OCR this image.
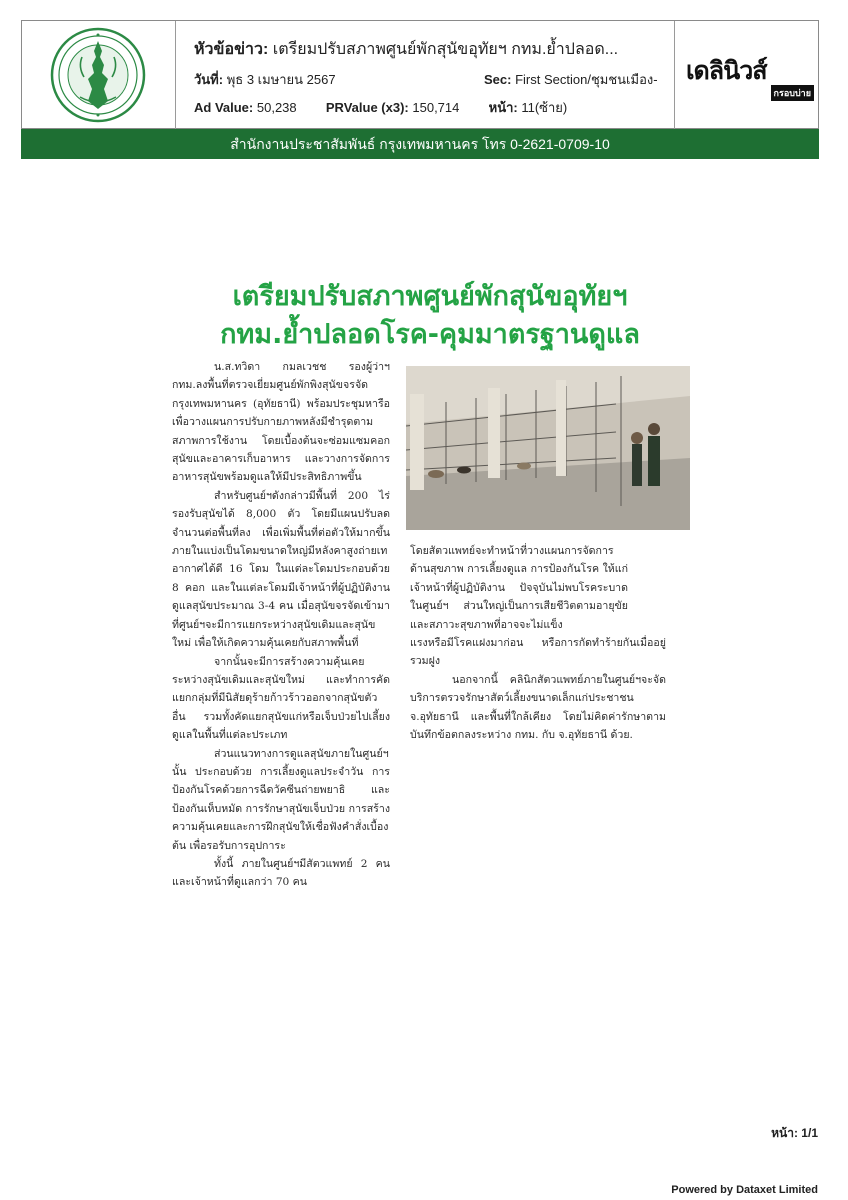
หัวข้อข่าว: เตรียมปรับสภาพศูนย์พักสุนัขอุทัยฯ กทม.ย้ำปลอด...
วันที่: พุธ 3 เมษายน 2567	Sec: First Section/ชุมชนเมือง-
Ad Value: 50,238 PRValue (x3): 150,714 หน้า: 11(ซ้าย)
เดลินิวส์
กรอบบ่าย
สำนักงานประชาสัมพันธ์ กรุงเทพมหานคร โทร 0-2621-0709-10
เตรียมปรับสภาพศูนย์พักสุนัขอุทัยฯ
กทม.ย้ำปลอดโรค-คุมมาตรฐานดูแล

น.ส.ทวิดา กมลเวชช รองผู้ว่าฯ กทม.ลงพื้นที่ตรวจเยี่ยมศูนย์พักพิงสุนัขจรจัดกรุงเทพมหานคร (อุทัยธานี) พร้อมประชุมหารือเพื่อวางแผนการปรับกายภาพหลังมีชำรุดตามสภาพการใช้งาน โดยเบื้องต้นจะซ่อมแซมคอกสุนัขและอาคารเก็บอาหาร และวางการจัดการอาหารสุนัขพร้อมดูแลให้มีประสิทธิภาพขึ้น

สำหรับศูนย์ฯดังกล่าวมีพื้นที่ 200 ไร่ รองรับสุนัขได้ 8,000 ตัว โดยมีแผนปรับลดจำนวนต่อพื้นที่ลง เพื่อเพิ่มพื้นที่ต่อตัวให้มากขึ้น ภายในแบ่งเป็นโดมขนาดใหญ่มีหลังคาสูงถ่ายเทอากาศได้ดี 16 โดม ในแต่ละโดมประกอบด้วย 8 คอก และในแต่ละโดมมีเจ้าหน้าที่ผู้ปฏิบัติงานดูแลสุนัขประมาณ 3-4 คน เมื่อสุนัขจรจัดเข้ามาที่ศูนย์ฯจะมีการแยกระหว่างสุนัขเดิมและสุนัขใหม่ เพื่อให้เกิดความคุ้นเคยกับสภาพพื้นที่

จากนั้นจะมีการสร้างความคุ้นเคยระหว่างสุนัขเดิมและสุนัขใหม่ และทำการคัดแยกกลุ่มที่มีนิสัยดุร้ายก้าวร้าวออกจากสุนัขตัวอื่น รวมทั้งคัดแยกสุนัขแก่หรือเจ็บป่วยไปเลี้ยงดูแลในพื้นที่แต่ละประเภท

ส่วนแนวทางการดูแลสุนัขภายในศูนย์ฯ นั้น ประกอบด้วย การเลี้ยงดูแลประจำวัน การป้องกันโรคด้วยการฉีดวัคซีนถ่ายพยาธิ และป้องกันเห็บหมัด การรักษาสุนัขเจ็บป่วย การสร้างความคุ้นเคยและการฝึกสุนัขให้เชื่อฟังคำสั่งเบื้องต้น เพื่อรอรับการอุปการะ

ทั้งนี้ ภายในศูนย์ฯมีสัตวแพทย์ 2 คน และเจ้าหน้าที่ดูแลกว่า 70 คน

โดยสัตวแพทย์จะทำหน้าที่วางแผนการจัดการด้านสุขภาพ การเลี้ยงดูแล การป้องกันโรค ให้แก่เจ้าหน้าที่ผู้ปฏิบัติงาน ปัจจุบันไม่พบโรคระบาดในศูนย์ฯ ส่วนใหญ่เป็นการเสียชีวิตตามอายุขัย และสภาวะสุขภาพที่อาจจะไม่แข็ง

แรงหรือมีโรคแฝงมาก่อน หรือการกัดทำร้ายกันเมื่ออยู่รวมฝูง

นอกจากนี้ คลินิกสัตวแพทย์ภายในศูนย์ฯจะจัดบริการตรวจรักษาสัตว์เลี้ยงขนาดเล็กแก่ประชาชน จ.อุทัยธานี และพื้นที่ใกล้เคียง โดยไม่คิดค่ารักษาตามบันทึกข้อตกลงระหว่าง กทม. กับ จ.อุทัยธานี ด้วย.

หน้า: 1/1
Powered by Dataxet Limited
